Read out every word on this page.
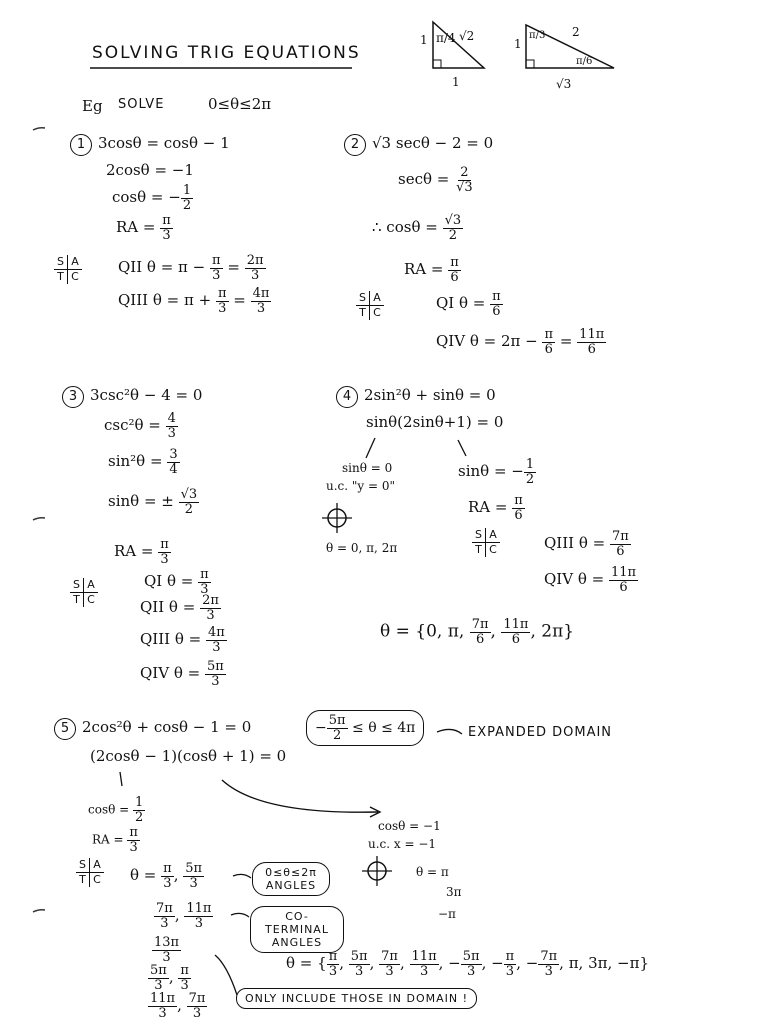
SOLVING TRIG EQUATIONS
1 π/4 √2
1
1
π/3 2
π/6
√3
Eg SOLVE	0≤θ≤2π
1 3cosθ = cosθ − 1
2cosθ = −1
cosθ = − $\frac{1}{2}$
RA = $\frac{\pi}{3}$
S A
T C
QII $\theta = \pi - \frac{\pi}{3} = \frac{2\pi}{3}$
QIII $\theta = \pi + \frac{\pi}{3} = \frac{4\pi}{3}$
2 √3 secθ − 2 = 0
$\sec\theta = \frac{2}{√3}$
∴ $\cos\theta = \frac{√3}{2}$
RA = $\frac{\pi}{6}$
S A
T C
QI $\theta = \frac{\pi}{6}$
QIV $\theta = 2\pi - \frac{\pi}{6} = \frac{11\pi}{6}$
3 3csc²θ − 4 = 0
$\csc^2\theta = \frac{4}{3}$
$\sin^2\theta = \frac{3}{4}$
sinθ = ± $\frac{√3}{2}$
RA = $\frac{\pi}{3}$
S A
T C
QI $\theta = \frac{\pi}{3}$
QII $\theta = \frac{2\pi}{3}$
QIII $\theta = \frac{4\pi}{3}$
QIV $\theta = \frac{5\pi}{3}$
4 2sin²θ + sinθ = 0
sinθ(2sinθ+1) = 0
sinθ = 0
u.c. "y = 0"
θ = 0, π, 2π
sinθ = − $\frac{1}{2}$
RA = $\frac{\pi}{6}$
S A
T C	QIII $\theta = \frac{7\pi}{6}$
QIV $\theta = \frac{11\pi}{6}$
θ = {0, π, $\frac{7\pi}{6}$ , $\frac{11\pi}{6}$ , 2π}
5 2cos²θ + cosθ − 1 = 0	− $\frac{5\pi}{2} \le \theta \le 4\pi$	EXPANDED DOMAIN
(2cosθ − 1)(cosθ + 1) = 0
$\cos\theta = \frac{1}{2}$
RA = $\frac{\pi}{3}$
S A
T C $\theta = \frac{\pi}{3}$ , $\frac{5\pi}{3}$
$\frac{7\pi}{3}$ , $\frac{11\pi}{3}$
$\frac{13\pi}{3}$
$\frac{5\pi}{3}$ , $\frac{\pi}{3}$
$\frac{11\pi}{3}$ , $\frac{7\pi}{3}$
0≤θ≤2π ANGLES
CO-TERMINAL ANGLES
cosθ = −1
u.c. x = −1
θ = π
3π
−π
θ = { $\frac{\pi}{3}$ , $\frac{5\pi}{3}$ , $\frac{7\pi}{3}$ , $\frac{11\pi}{3}$ , − $\frac{5\pi}{3}$ , − $\frac{\pi}{3}$ , − $\frac{7\pi}{3}$ , π, 3π, −π}
ONLY INCLUDE THOSE IN DOMAIN !
